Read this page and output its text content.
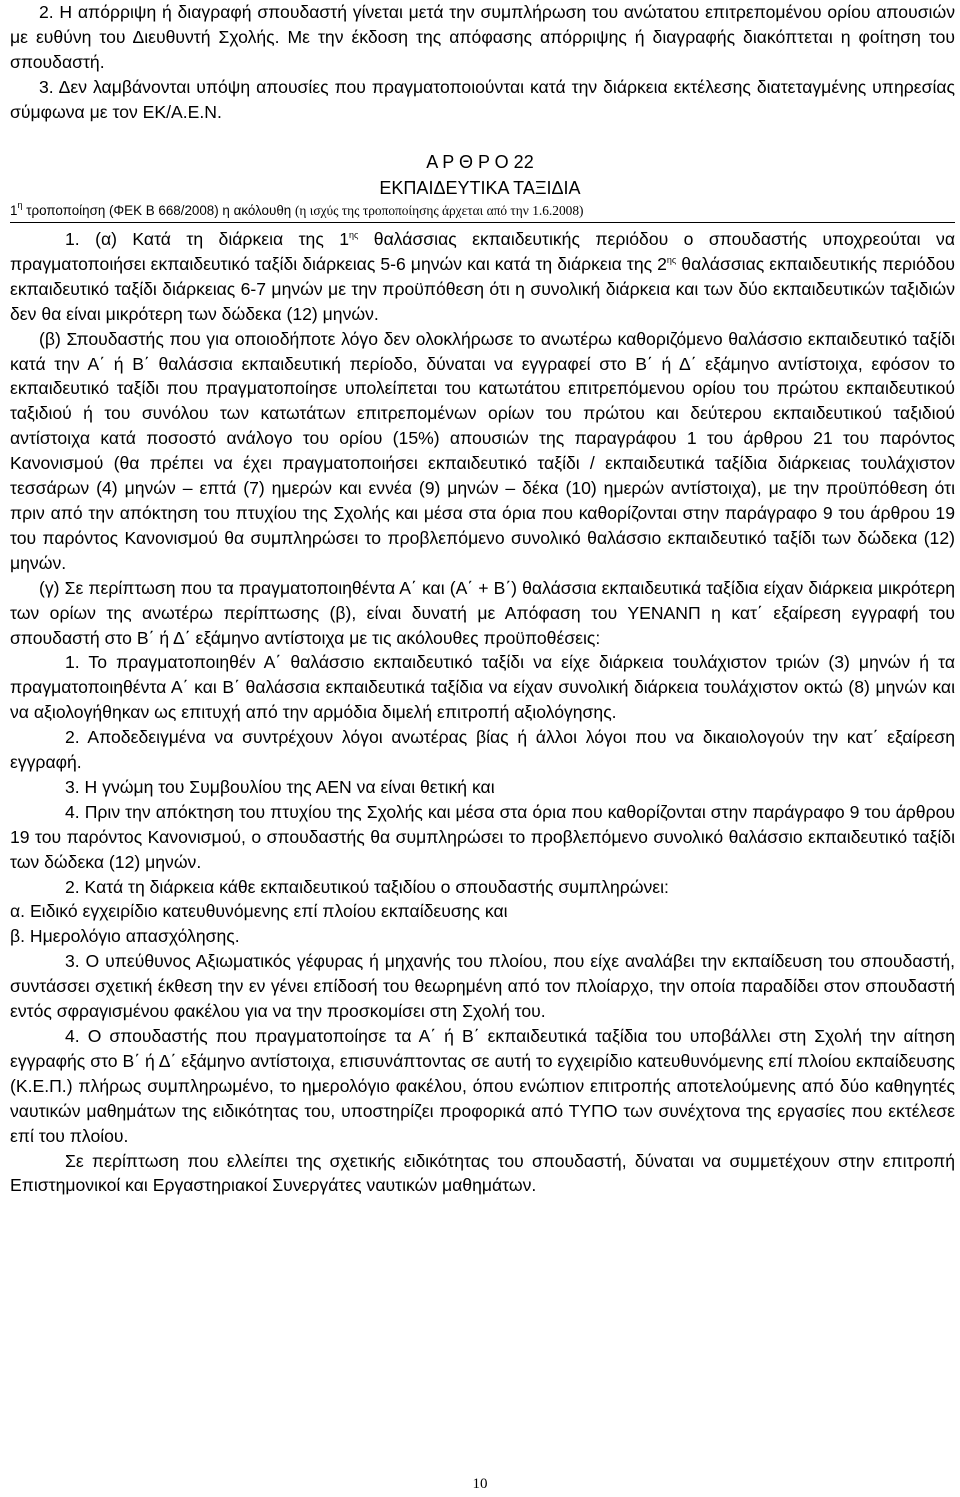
2. Η απόρριψη ή διαγραφή σπουδαστή γίνεται μετά την συμπλήρωση του ανώτατου επιτρεπομένου ορίου απουσιών με ευθύνη του Διευθυντή Σχολής. Με την έκδοση της απόφασης απόρριψης ή διαγραφής διακόπτεται η φοίτηση του σπουδαστή.

3. Δεν λαμβάνονται υπόψη απουσίες που πραγματοποιούνται κατά την διάρκεια εκτέλεσης διατεταγμένης υπηρεσίας σύμφωνα με τον ΕΚ/Α.Ε.Ν.

Α Ρ Θ Ρ Ο 22
ΕΚΠΑΙΔΕΥΤΙΚΑ ΤΑΞΙΔΙΑ
$1^\eta$ τροποποίηση (ΦΕΚ Β 668/2008) η ακόλουθη (η ισχύς της τροποποίησης άρχεται από την 1.6.2008)

1. (α) Κατά τη διάρκεια της $1^{\eta\varsigma}$ θαλάσσιας εκπαιδευτικής περιόδου ο σπουδαστής υποχρεούται να πραγματοποιήσει εκπαιδευτικό ταξίδι διάρκειας 5-6 μηνών και κατά τη διάρκεια της $2^{\eta\varsigma}$ θαλάσσιας εκπαιδευτικής περιόδου εκπαιδευτικό ταξίδι διάρκειας 6-7 μηνών με την προϋπόθεση ότι η συνολική διάρκεια και των δύο εκπαιδευτικών ταξιδιών δεν θα είναι μικρότερη των δώδεκα (12) μηνών.

(β) Σπουδαστής που για οποιοδήποτε λόγο δεν ολοκλήρωσε το ανωτέρω καθοριζόμενο θαλάσσιο εκπαιδευτικό ταξίδι κατά την Α΄ ή Β΄ θαλάσσια εκπαιδευτική περίοδο, δύναται να εγγραφεί στο Β΄ ή Δ΄ εξάμηνο αντίστοιχα, εφόσον το εκπαιδευτικό ταξίδι που πραγματοποίησε υπολείπεται του κατωτάτου επιτρεπόμενου ορίου του πρώτου εκπαιδευτικού ταξιδιού ή του συνόλου των κατωτάτων επιτρεπομένων ορίων του πρώτου και δεύτερου εκπαιδευτικού ταξιδιού αντίστοιχα κατά ποσοστό ανάλογο του ορίου (15%) απουσιών της παραγράφου 1 του άρθρου 21 του παρόντος Κανονισμού (θα πρέπει να έχει πραγματοποιήσει εκπαιδευτικό ταξίδι / εκπαιδευτικά ταξίδια διάρκειας τουλάχιστον τεσσάρων (4) μηνών – επτά (7) ημερών και εννέα (9) μηνών – δέκα (10) ημερών αντίστοιχα), με την προϋπόθεση ότι πριν από την απόκτηση του πτυχίου της Σχολής και μέσα στα όρια που καθορίζονται στην παράγραφο 9 του άρθρου 19 του παρόντος Κανονισμού θα συμπληρώσει το προβλεπόμενο συνολικό θαλάσσιο εκπαιδευτικό ταξίδι των δώδεκα (12) μηνών.

(γ) Σε περίπτωση που τα πραγματοποιηθέντα Α΄ και (Α΄ + Β΄) θαλάσσια εκπαιδευτικά ταξίδια είχαν διάρκεια μικρότερη των ορίων της ανωτέρω περίπτωσης (β), είναι δυνατή με Απόφαση του ΥΕΝΑΝΠ η κατ΄ εξαίρεση εγγραφή του σπουδαστή στο Β΄ ή Δ΄ εξάμηνο αντίστοιχα με τις ακόλουθες προϋποθέσεις:

1. Το πραγματοποιηθέν Α΄ θαλάσσιο εκπαιδευτικό ταξίδι να είχε διάρκεια τουλάχιστον τριών (3) μηνών ή τα πραγματοποιηθέντα Α΄ και Β΄ θαλάσσια εκπαιδευτικά ταξίδια να είχαν συνολική διάρκεια τουλάχιστον οκτώ (8) μηνών και να αξιολογήθηκαν ως επιτυχή από την αρμόδια διμελή επιτροπή αξιολόγησης.

2. Αποδεδειγμένα να συντρέχουν λόγοι ανωτέρας βίας ή άλλοι λόγοι που να δικαιολογούν την κατ΄ εξαίρεση εγγραφή.

3. Η γνώμη του Συμβουλίου της ΑΕΝ να είναι θετική και

4. Πριν την απόκτηση του πτυχίου της Σχολής και μέσα στα όρια που καθορίζονται στην παράγραφο 9 του άρθρου 19 του παρόντος Κανονισμού, ο σπουδαστής θα συμπληρώσει το προβλεπόμενο συνολικό θαλάσσιο εκπαιδευτικό ταξίδι των δώδεκα (12) μηνών.

2. Κατά τη διάρκεια κάθε εκπαιδευτικού ταξιδίου ο σπουδαστής συμπληρώνει:

α. Ειδικό εγχειρίδιο κατευθυνόμενης επί πλοίου εκπαίδευσης και

β. Ημερολόγιο απασχόλησης.

3. Ο υπεύθυνος Αξιωματικός γέφυρας ή μηχανής του πλοίου, που είχε αναλάβει την εκπαίδευση του σπουδαστή, συντάσσει σχετική έκθεση την εν γένει επίδοσή του θεωρημένη από τον πλοίαρχο, την οποία παραδίδει στον σπουδαστή εντός σφραγισμένου φακέλου για να την προσκομίσει στη Σχολή του.

4. Ο σπουδαστής που πραγματοποίησε τα Α΄ ή Β΄ εκπαιδευτικά ταξίδια του υποβάλλει στη Σχολή την αίτηση εγγραφής στο Β΄ ή Δ΄ εξάμηνο αντίστοιχα, επισυνάπτοντας σε αυτή το εγχειρίδιο κατευθυνόμενης επί πλοίου εκπαίδευσης (Κ.Ε.Π.) πλήρως συμπληρωμένο, το ημερολόγιο φακέλου, όπου ενώπιον επιτροπής αποτελούμενης από δύο καθηγητές ναυτικών μαθημάτων της ειδικότητας του, υποστηρίζει προφορικά από ΤΥΠΟ των συνέχτονα της εργασίες που εκτέλεσε επί του πλοίου.

Σε περίπτωση που ελλείπει της σχετικής ειδικότητας του σπουδαστή, δύναται να συμμετέχουν στην επιτροπή Επιστημονικοί και Εργαστηριακοί Συνεργάτες ναυτικών μαθημάτων.

10
